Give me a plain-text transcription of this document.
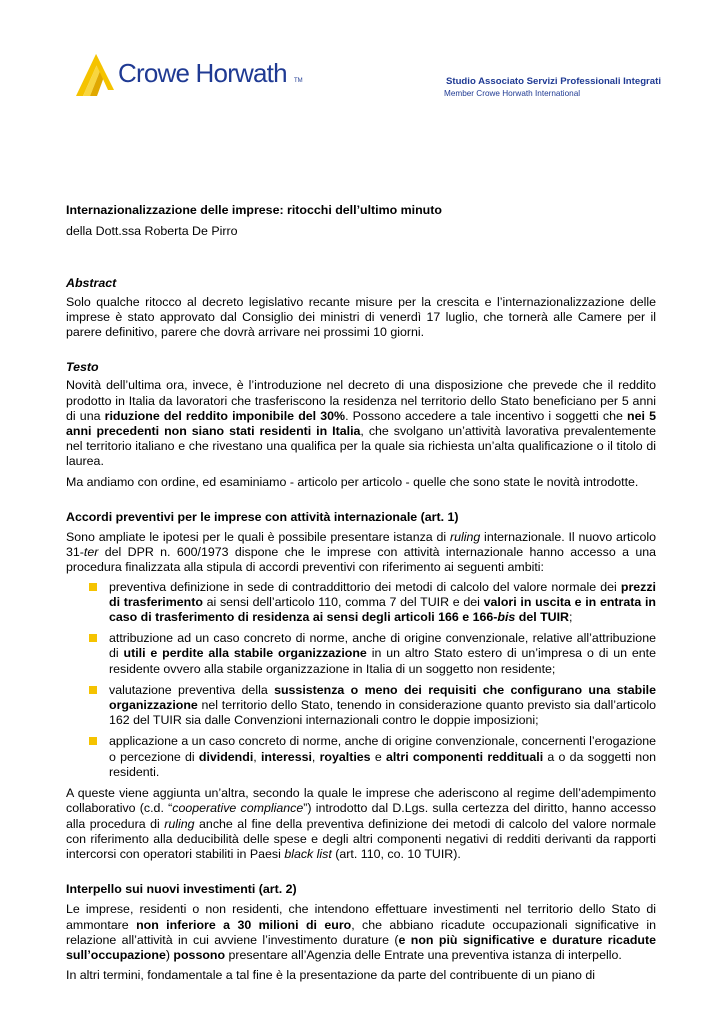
Crowe Horwath TM	Studio Associato Servizi Professionali Integrati
Member Crowe Horwath International
Internazionalizzazione delle imprese: ritocchi dell’ultimo minuto
della Dott.ssa Roberta De Pirro
Abstract

Solo qualche ritocco al decreto legislativo recante misure per la crescita e l’internazionalizzazione delle imprese è stato approvato dal Consiglio dei ministri di venerdì 17 luglio, che tornerà alle Camere per il parere definitivo, parere che dovrà arrivare nei prossimi 10 giorni.

Testo

Novità dell’ultima ora, invece, è l’introduzione nel decreto di una disposizione che prevede che il reddito prodotto in Italia da lavoratori che trasferiscono la residenza nel territorio dello Stato beneficiano per 5 anni di una riduzione del reddito imponibile del 30%. Possono accedere a tale incentivo i soggetti che nei 5 anni precedenti non siano stati residenti in Italia, che svolgano un’attività lavorativa prevalentemente nel territorio italiano e che rivestano una qualifica per la quale sia richiesta un’alta qualificazione o il titolo di laurea.

Ma andiamo con ordine, ed esaminiamo - articolo per articolo - quelle che sono state le novità introdotte.

Accordi preventivi per le imprese con attività internazionale (art. 1)

Sono ampliate le ipotesi per le quali è possibile presentare istanza di ruling internazionale. Il nuovo articolo 31-ter del DPR n. 600/1973 dispone che le imprese con attività internazionale hanno accesso a una procedura finalizzata alla stipula di accordi preventivi con riferimento ai seguenti ambiti:

preventiva definizione in sede di contraddittorio dei metodi di calcolo del valore normale dei prezzi di trasferimento ai sensi dell’articolo 110, comma 7 del TUIR e dei valori in uscita e in entrata in caso di trasferimento di residenza ai sensi degli articoli 166 e 166-bis del TUIR;
attribuzione ad un caso concreto di norme, anche di origine convenzionale, relative all’attribuzione di utili e perdite alla stabile organizzazione in un altro Stato estero di un’impresa o di un ente residente ovvero alla stabile organizzazione in Italia di un soggetto non residente;
valutazione preventiva della sussistenza o meno dei requisiti che configurano una stabile organizzazione nel territorio dello Stato, tenendo in considerazione quanto previsto sia dall’articolo 162 del TUIR sia dalle Convenzioni internazionali contro le doppie imposizioni;
applicazione a un caso concreto di norme, anche di origine convenzionale, concernenti l’erogazione o percezione di dividendi, interessi, royalties e altri componenti reddituali a o da soggetti non residenti.

A queste viene aggiunta un’altra, secondo la quale le imprese che aderiscono al regime dell’adempimento collaborativo (c.d. “cooperative compliance”) introdotto dal D.Lgs. sulla certezza del diritto, hanno accesso alla procedura di ruling anche al fine della preventiva definizione dei metodi di calcolo del valore normale con riferimento alla deducibilità delle spese e degli altri componenti negativi di redditi derivanti da rapporti intercorsi con operatori stabiliti in Paesi black list (art. 110, co. 10 TUIR).

Interpello sui nuovi investimenti (art. 2)

Le imprese, residenti o non residenti, che intendono effettuare investimenti nel territorio dello Stato di ammontare non inferiore a 30 milioni di euro, che abbiano ricadute occupazionali significative in relazione all’attività in cui avviene l’investimento durature (e non più significative e durature ricadute sull’occupazione) possono presentare all’Agenzia delle Entrate una preventiva istanza di interpello.

In altri termini, fondamentale a tal fine è la presentazione da parte del contribuente di un piano di
